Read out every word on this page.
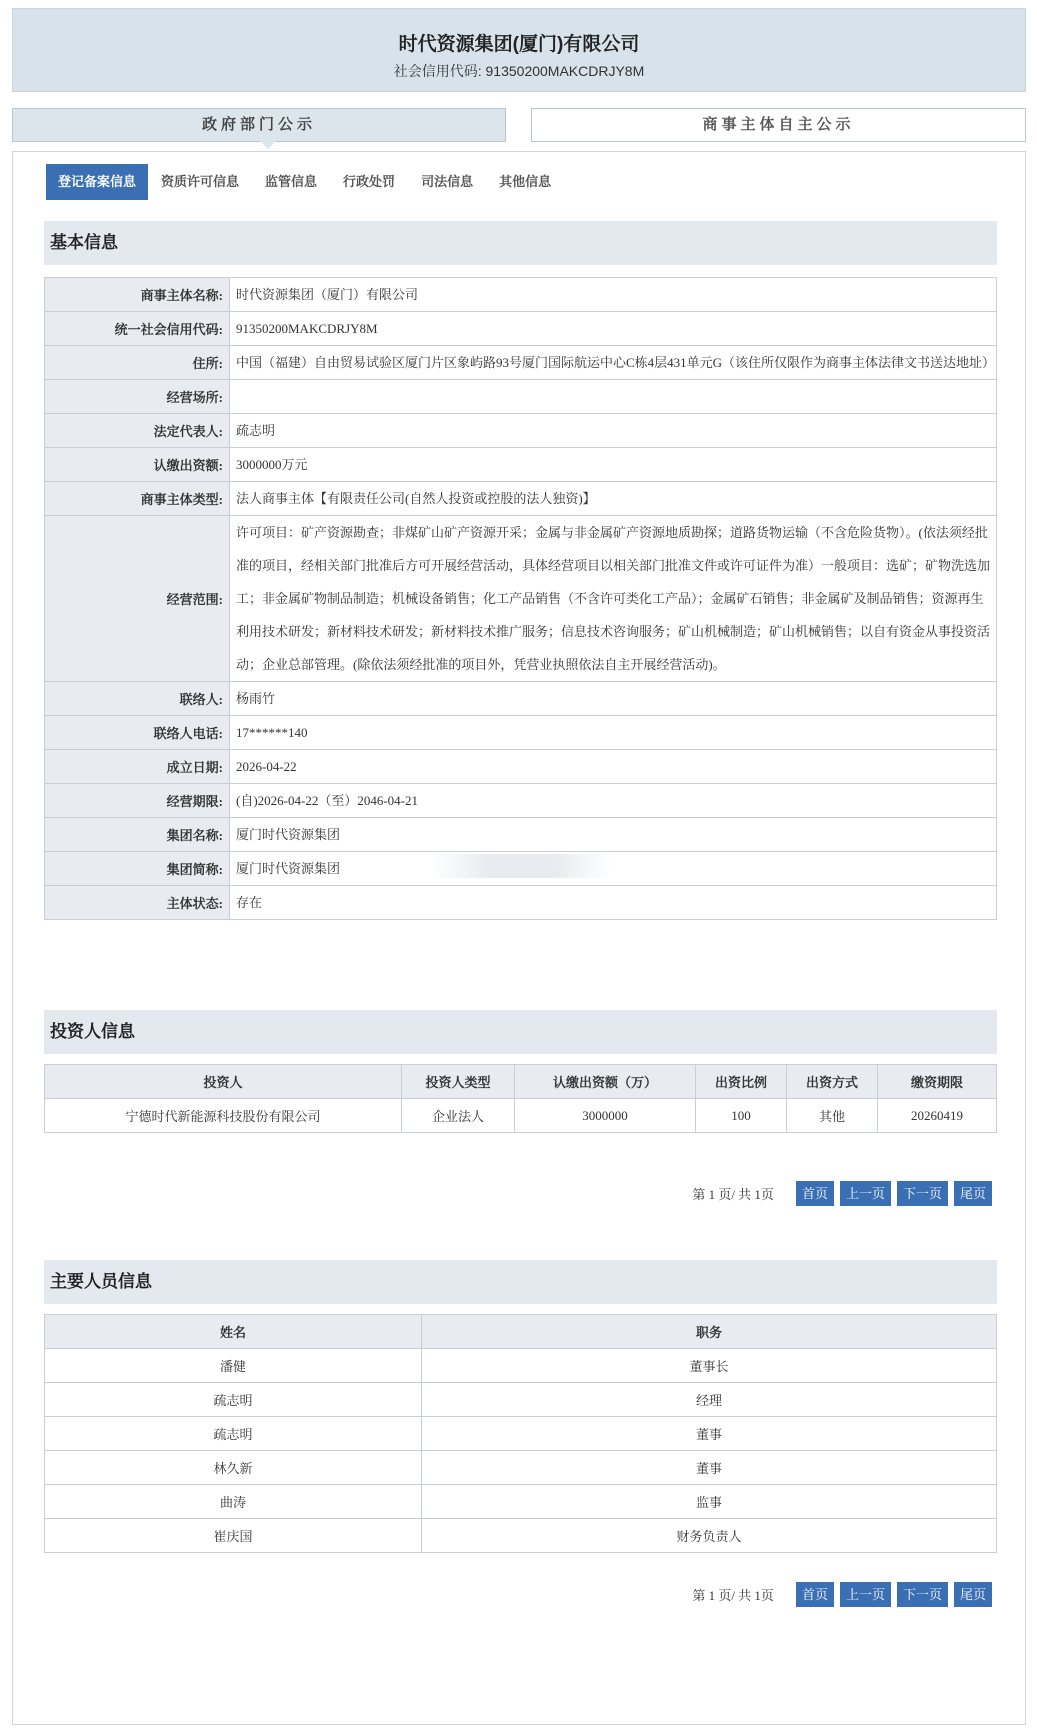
时代资源集团(厦门)有限公司
社会信用代码: 91350200MAKCDRJY8M
政府部门公示	商事主体自主公示
登记备案信息	资质许可信息	监管信息	行政处罚	司法信息	其他信息
基本信息
商事主体名称:	时代资源集团（厦门）有限公司
统一社会信用代码:	91350200MAKCDRJY8M
住所:	中国（福建）自由贸易试验区厦门片区象屿路93号厦门国际航运中心C栋4层431单元G（该住所仅限作为商事主体法律文书送达地址）
经营场所:	
法定代表人:	疏志明
认缴出资额:	3000000万元
商事主体类型:	法人商事主体【有限责任公司(自然人投资或控股的法人独资)】
经营范围:	许可项目：矿产资源勘查；非煤矿山矿产资源开采；金属与非金属矿产资源地质勘探；道路货物运输（不含危险货物）。(依法须经批准的项目，经相关部门批准后方可开展经营活动，具体经营项目以相关部门批准文件或许可证件为准）一般项目：选矿；矿物洗选加工；非金属矿物制品制造；机械设备销售；化工产品销售（不含许可类化工产品）；金属矿石销售；非金属矿及制品销售；资源再生利用技术研发；新材料技术研发；新材料技术推广服务；信息技术咨询服务；矿山机械制造；矿山机械销售；以自有资金从事投资活动；企业总部管理。(除依法须经批准的项目外，凭营业执照依法自主开展经营活动)。
联络人:	杨雨竹
联络人电话:	17******140
成立日期:	2026-04-22
经营期限:	(自)2026-04-22（至）2046-04-21
集团名称:	厦门时代资源集团
集团简称:	厦门时代资源集团
主体状态:	存在
投资人信息
投资人	投资人类型	认缴出资额（万）	出资比例	出资方式	缴资期限
宁德时代新能源科技股份有限公司	企业法人	3000000	100	其他	20260419
第 1 页/ 共 1页	首页	上一页	下一页	尾页
主要人员信息
姓名	职务
潘健	董事长
疏志明	经理
疏志明	董事
林久新	董事
曲涛	监事
崔庆国	财务负责人
第 1 页/ 共 1页	首页	上一页	下一页	尾页
